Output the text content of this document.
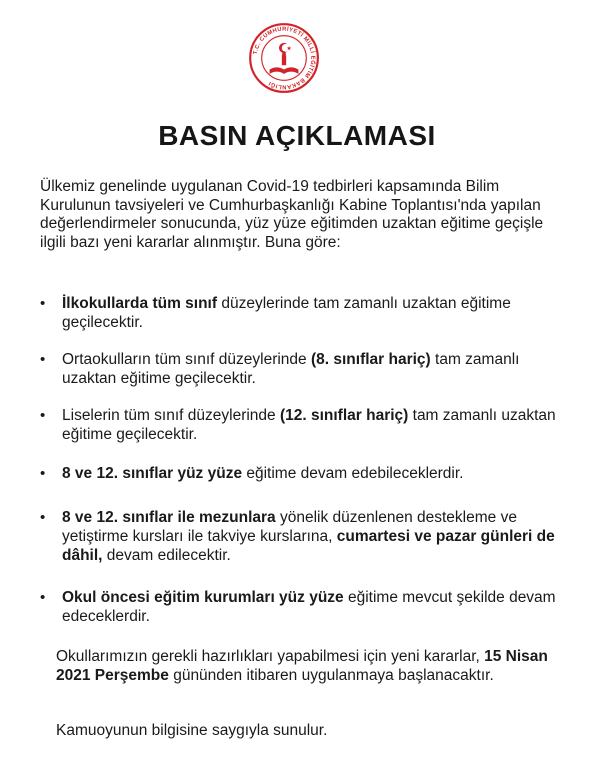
T.C. CUMHURİYETİ MİLLİ EĞİTİM BAKANLIĞI
BASIN AÇIKLAMASI
Ülkemiz genelinde uygulanan Covid-19 tedbirleri kapsamında Bilim Kurulunun tavsiyeleri ve Cumhurbaşkanlığı Kabine Toplantısı'nda yapılan değerlendirmeler sonucunda, yüz yüze eğitimden uzaktan eğitime geçişle ilgili bazı yeni kararlar alınmıştır. Buna göre:
• İlkokullarda tüm sınıf düzeylerinde tam zamanlı uzaktan eğitime geçilecektir.
• Ortaokulların tüm sınıf düzeylerinde (8. sınıflar hariç) tam zamanlı uzaktan eğitime geçilecektir.
• Liselerin tüm sınıf düzeylerinde (12. sınıflar hariç) tam zamanlı uzaktan eğitime geçilecektir.
• 8 ve 12. sınıflar yüz yüze eğitime devam edebileceklerdir.
• 8 ve 12. sınıflar ile mezunlara yönelik düzenlenen destekleme ve yetiştirme kursları ile takviye kurslarına, cumartesi ve pazar günleri de dâhil, devam edilecektir.
• Okul öncesi eğitim kurumları yüz yüze eğitime mevcut şekilde devam edeceklerdir.
Okullarımızın gerekli hazırlıkları yapabilmesi için yeni kararlar, 15 Nisan 2021 Perşembe gününden itibaren uygulanmaya başlanacaktır.
Kamuoyunun bilgisine saygıyla sunulur.
